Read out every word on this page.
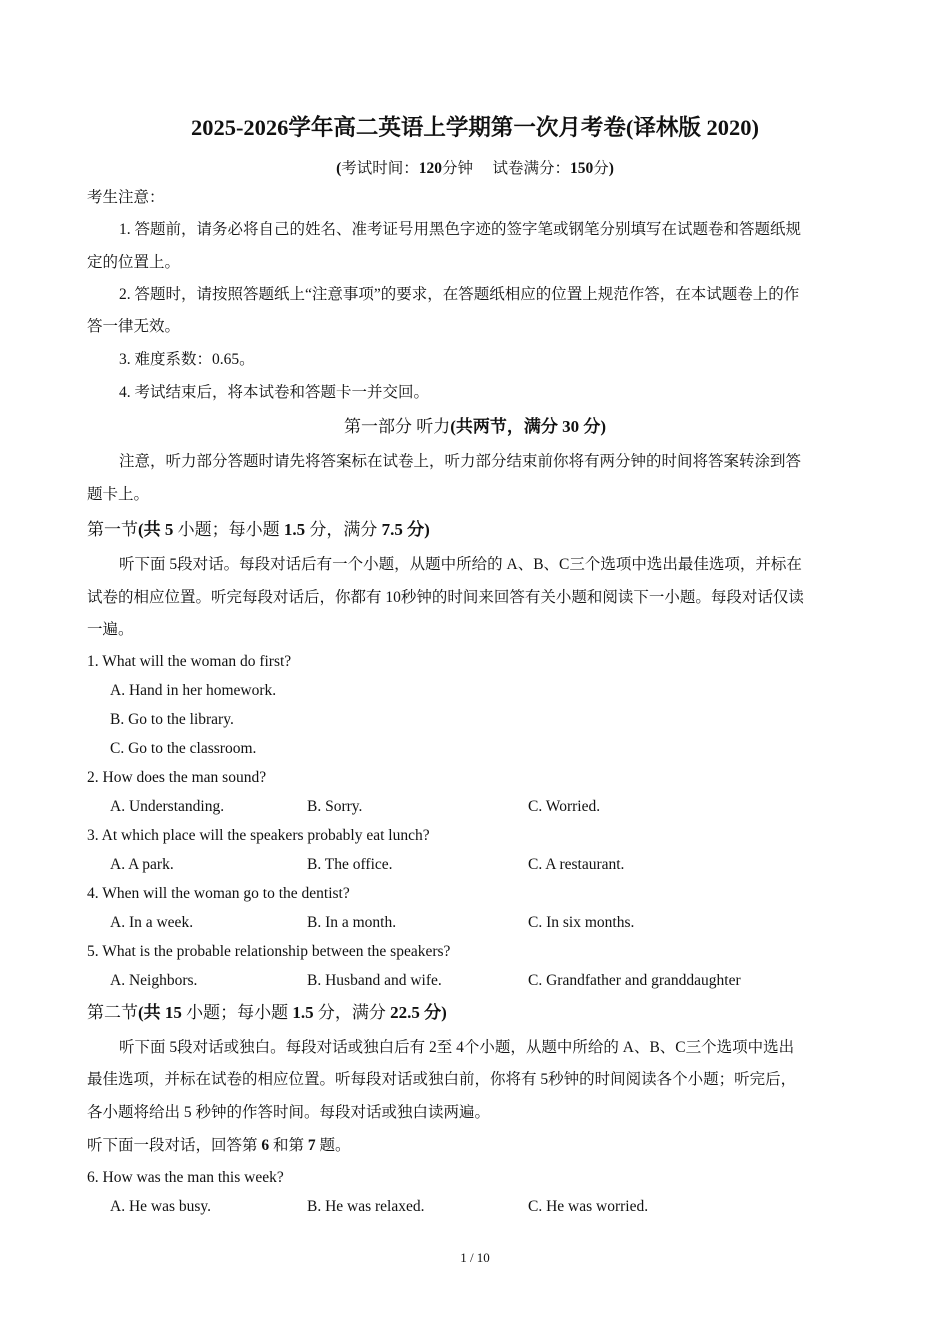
2025-2026学年高二英语上学期第一次月考卷(译林版 2020)
(考试时间：120分钟 试卷满分：150分)
考生注意：
1. 答题前，请务必将自己的姓名、准考证号用黑色字迹的签字笔或钢笔分别填写在试题卷和答题纸规
定的位置上。
2. 答题时，请按照答题纸上“注意事项”的要求，在答题纸相应的位置上规范作答，在本试题卷上的作
答一律无效。
3. 难度系数：0.65。
4. 考试结束后，将本试卷和答题卡一并交回。
第一部分 听力(共两节，满分 30 分)
注意，听力部分答题时请先将答案标在试卷上，听力部分结束前你将有两分钟的时间将答案转涂到答
题卡上。
第一节(共 5 小题；每小题 1.5 分，满分 7.5 分)
听下面 5段对话。每段对话后有一个小题，从题中所给的 A、B、C三个选项中选出最佳选项，并标在
试卷的相应位置。听完每段对话后，你都有 10秒钟的时间来回答有关小题和阅读下一小题。每段对话仅读
一遍。
1. What will the woman do first?
A. Hand in her homework.
B. Go to the library.
C. Go to the classroom.
2. How does the man sound?
A. Understanding.	B. Sorry.	C. Worried.
3. At which place will the speakers probably eat lunch?
A. A park.	B. The office.	C. A restaurant.
4. When will the woman go to the dentist?
A. In a week.	B. In a month.	C. In six months.
5. What is the probable relationship between the speakers?
A. Neighbors.	B. Husband and wife.	C. Grandfather and granddaughter
第二节(共 15 小题；每小题 1.5 分，满分 22.5 分)
听下面 5段对话或独白。每段对话或独白后有 2至 4个小题，从题中所给的 A、B、C三个选项中选出
最佳选项，并标在试卷的相应位置。听每段对话或独白前，你将有 5秒钟的时间阅读各个小题；听完后，
各小题将给出 5 秒钟的作答时间。每段对话或独白读两遍。
听下面一段对话，回答第 6 和第 7 题。
6. How was the man this week?
A. He was busy.	B. He was relaxed.	C. He was worried.
1 / 10
